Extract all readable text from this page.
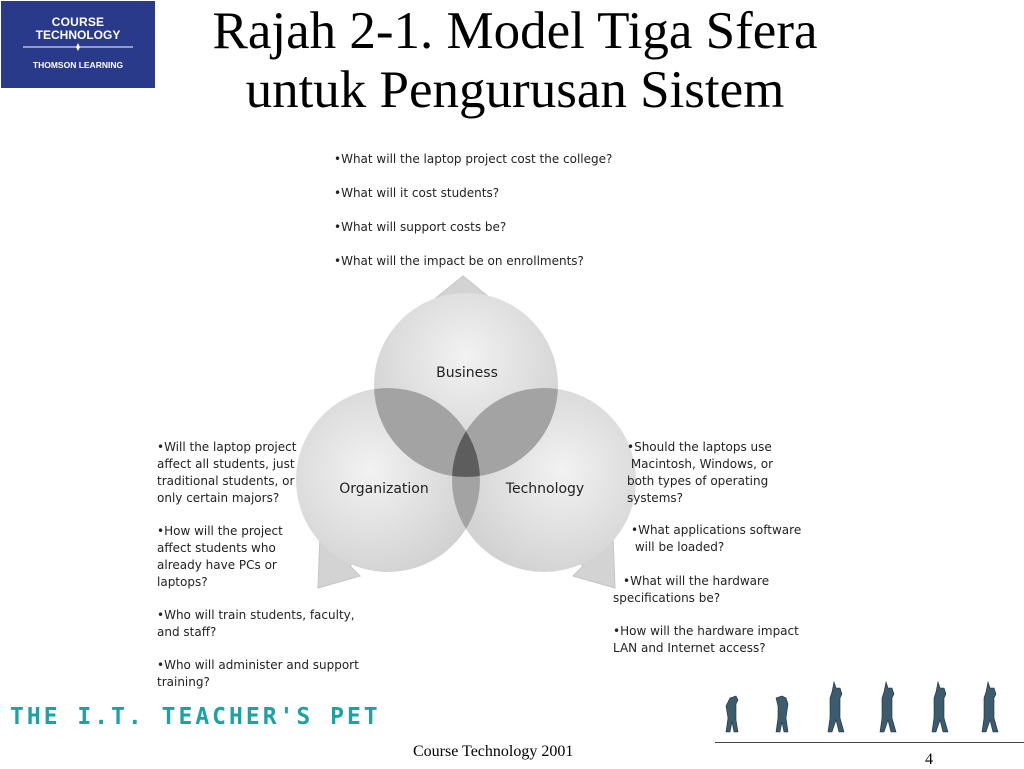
COURSE
TECHNOLOGY
THOMSON LEARNING
Rajah 2-1. Model Tiga Sfera untuk Pengurusan Sistem
Business
Organization	Technology

•What will the laptop project cost the college?

•What will it cost students?

•What will support costs be?

•What will the impact be on enrollments?

•Will the laptop project

affect all students, just

traditional students, or

only certain majors?

•How will the project

affect students who

already have PCs or

laptops?

•Who will train students, faculty,

and staff?

•Who will administer and support

training?

•Should the laptops use

Macintosh, Windows, or

both types of operating

systems?

•What applications software

will be loaded?

•What will the hardware

specifications be?

•How will the hardware impact

LAN and Internet access?

THE I.T. TEACHER'S PET
Course Technology 2001	4
